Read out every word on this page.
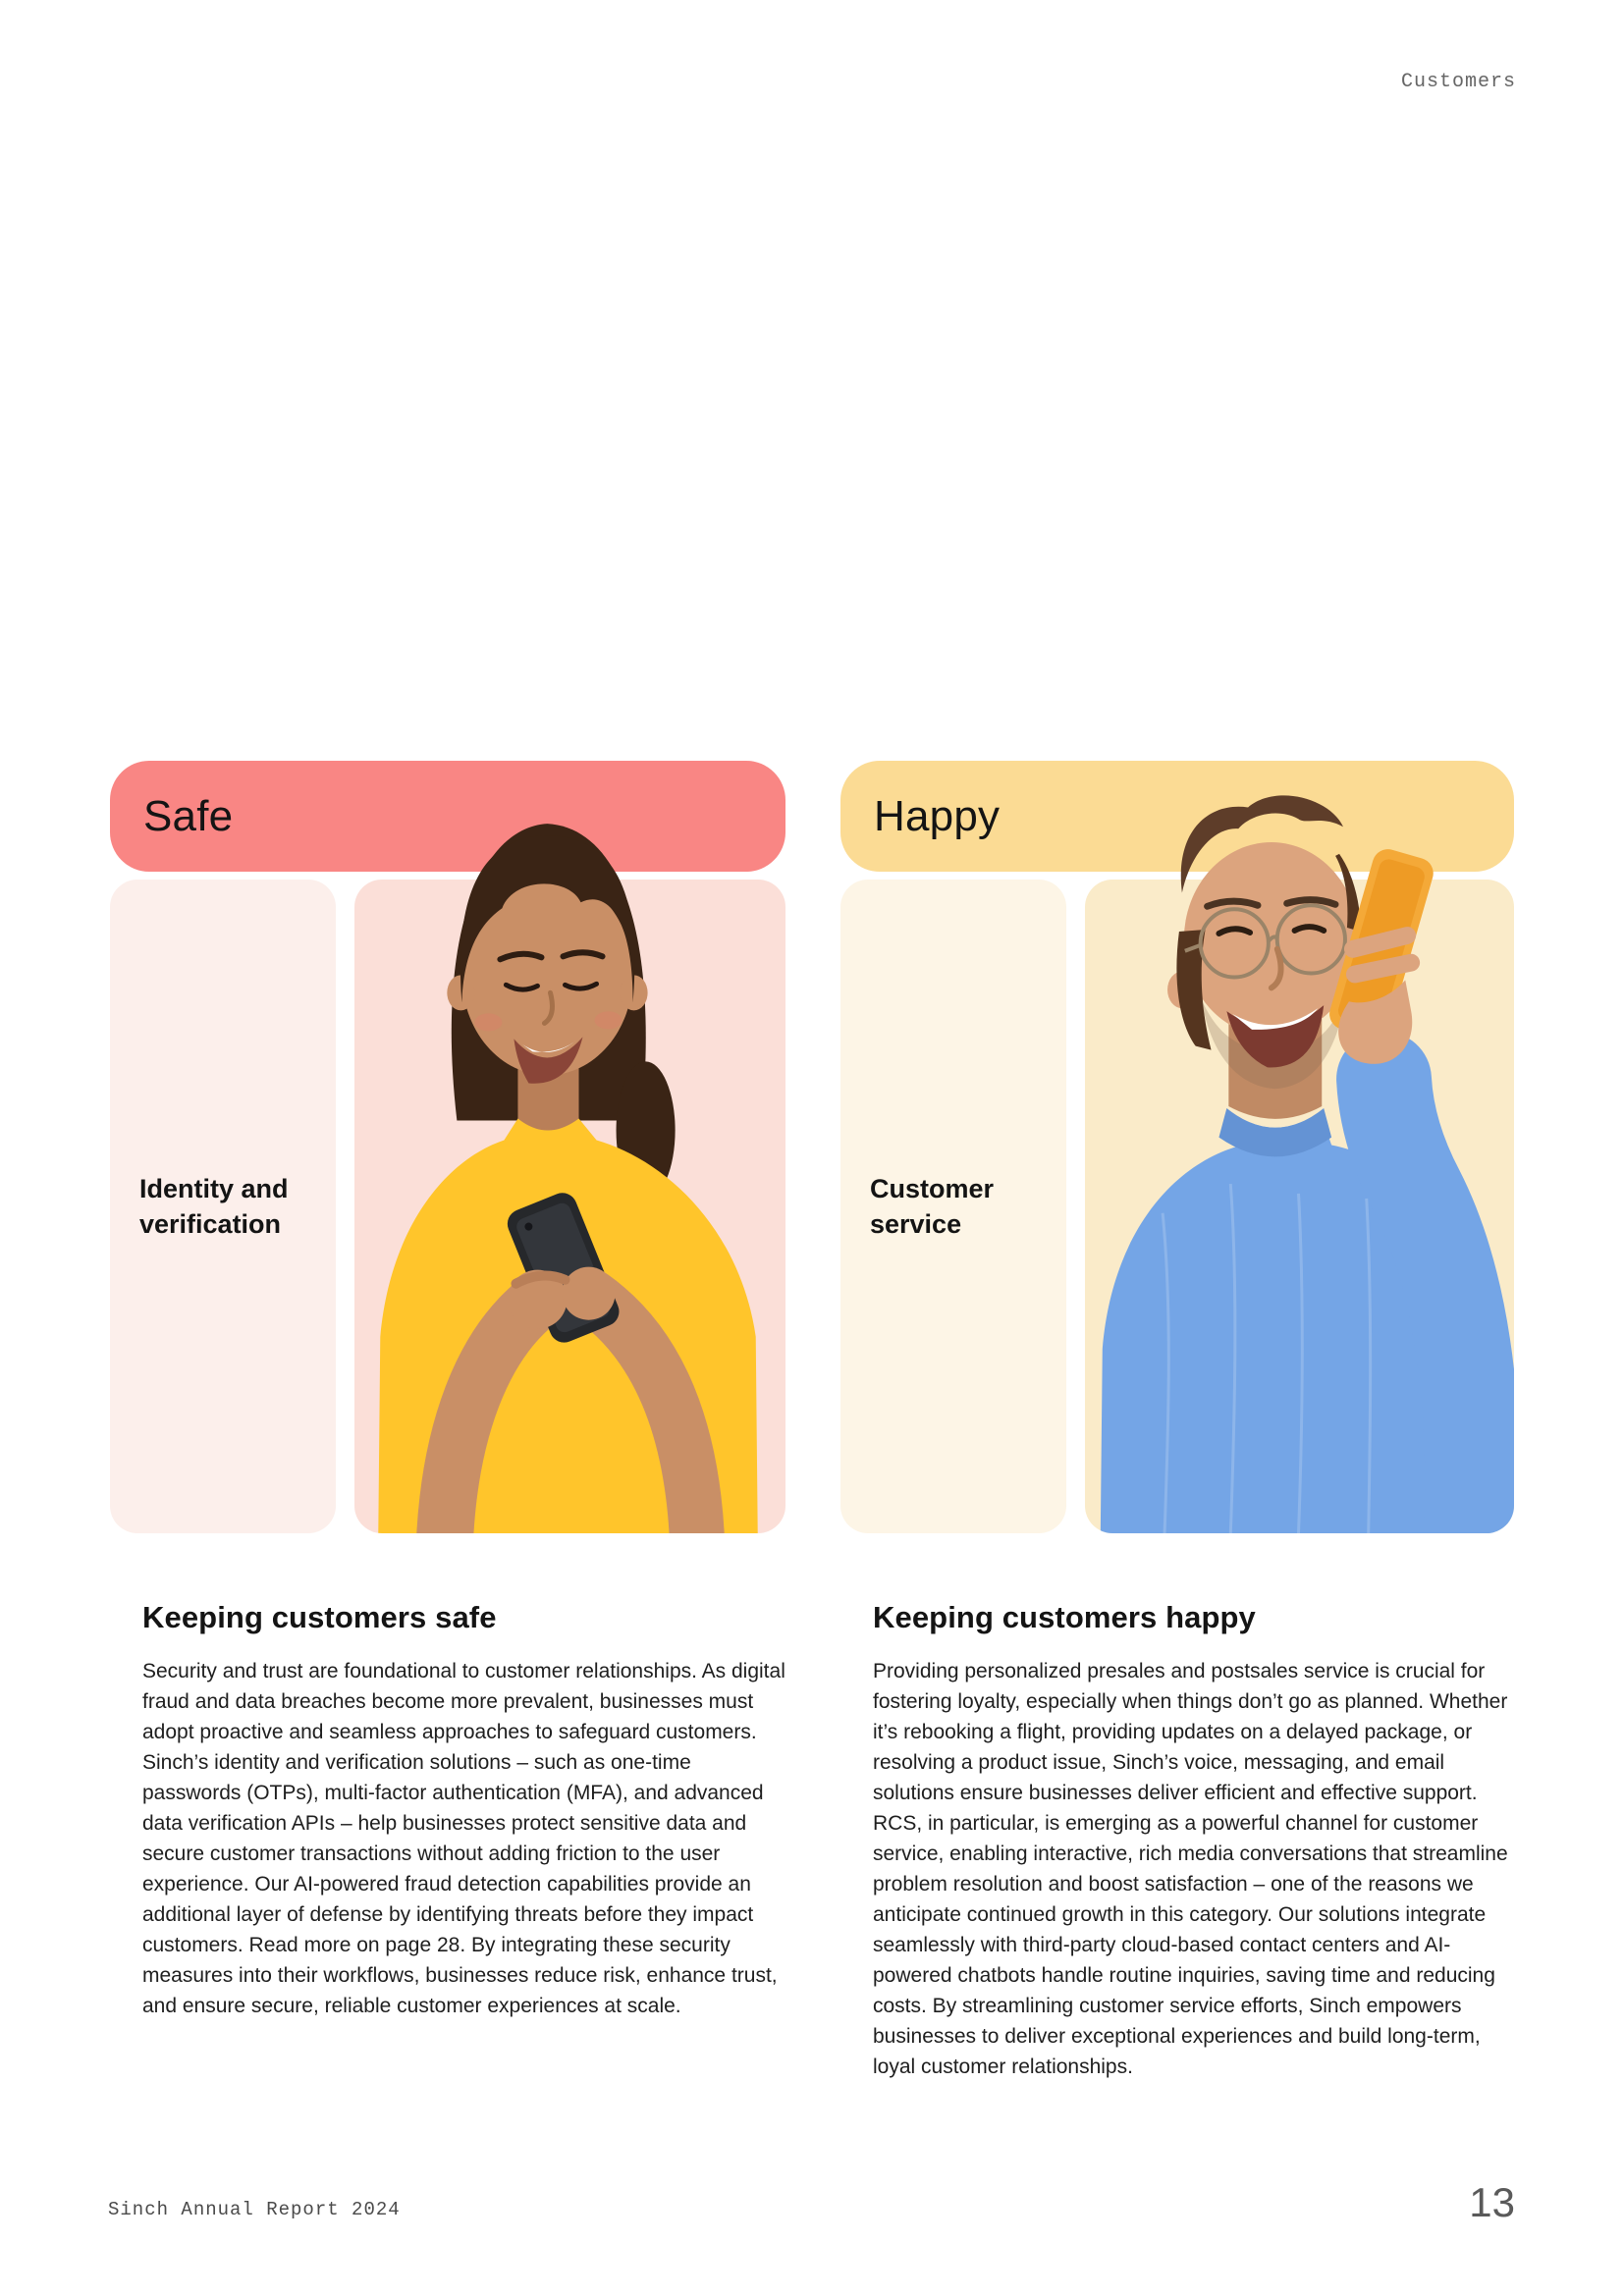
Customers
Safe

Identity and verification

Happy

Customer service

Keeping customers safe

Security and trust are foundational to customer relationships. As digital fraud and data breaches become more prevalent, businesses must adopt proactive and seamless approaches to safeguard customers. Sinch’s identity and verification solutions – such as one-time passwords (OTPs), multi-factor authentication (MFA), and advanced data verification APIs – help businesses protect sensitive data and secure customer transactions without adding friction to the user experience. Our AI-powered fraud detection capabilities provide an additional layer of defense by identifying threats before they impact customers. Read more on page 28. By integrating these security measures into their workflows, businesses reduce risk, enhance trust, and ensure secure, reliable customer experiences at scale.

Keeping customers happy

Providing personalized presales and postsales service is crucial for fostering loyalty, especially when things don’t go as planned. Whether it’s rebooking a flight, providing updates on a delayed package, or resolving a product issue, Sinch’s voice, messaging, and email solutions ensure businesses deliver efficient and effective support. RCS, in particular, is emerging as a powerful channel for customer service, enabling interactive, rich media conversations that streamline problem resolution and boost satisfaction – one of the reasons we anticipate continued growth in this category. Our solutions integrate seamlessly with third-party cloud-based contact centers and AI-powered chatbots handle routine inquiries, saving time and reducing costs. By streamlining customer service efforts, Sinch empowers businesses to deliver exceptional experiences and build long-term, loyal customer relationships.

Sinch Annual Report 2024	13
